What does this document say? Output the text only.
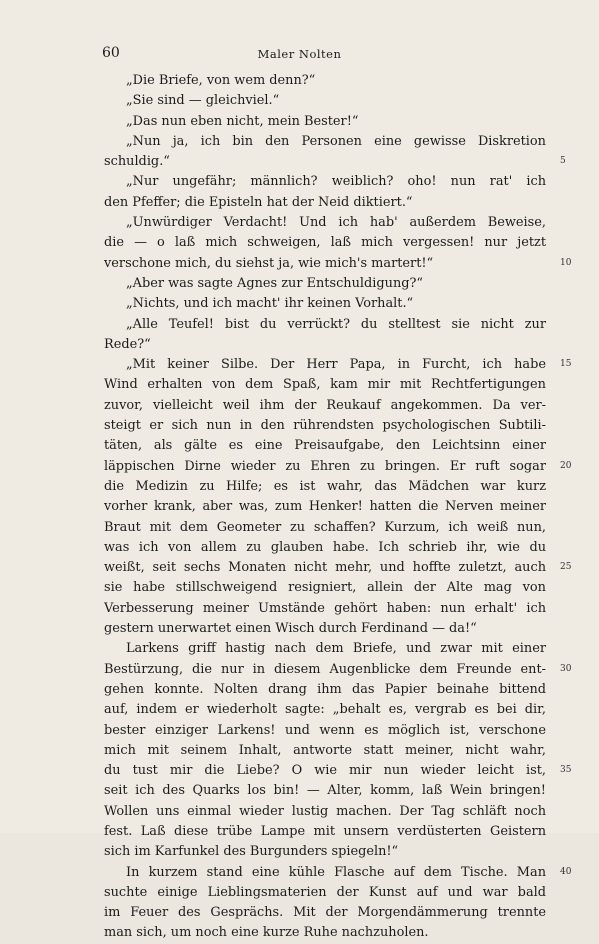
60	Maler Nolten
„Die Briefe, von wem denn?“
„Sie sind — gleichviel.“
„Das nun eben nicht, mein Bester!“
„Nun ja, ich bin den Personen eine gewisse Diskretion
schuldig.“
„Nur ungefähr; männlich? weiblich? oho! nun rat' ich
den Pfeffer; die Episteln hat der Neid diktiert.“
„Unwürdiger Verdacht! Und ich hab' außerdem Beweise,
die — o laß mich schweigen, laß mich vergessen! nur jetzt
verschone mich, du siehst ja, wie mich's martert!“
„Aber was sagte Agnes zur Entschuldigung?“
„Nichts, und ich macht' ihr keinen Vorhalt.“
„Alle Teufel! bist du verrückt? du stelltest sie nicht zur
Rede?“
„Mit keiner Silbe. Der Herr Papa, in Furcht, ich habe
Wind erhalten von dem Spaß, kam mir mit Rechtfertigungen
zuvor, vielleicht weil ihm der Reukauf angekommen. Da ver-
steigt er sich nun in den rührendsten psychologischen Subtili-
täten, als gälte es eine Preisaufgabe, den Leichtsinn einer
läppischen Dirne wieder zu Ehren zu bringen. Er ruft sogar
die Medizin zu Hilfe; es ist wahr, das Mädchen war kurz
vorher krank, aber was, zum Henker! hatten die Nerven meiner
Braut mit dem Geometer zu schaffen? Kurzum, ich weiß nun,
was ich von allem zu glauben habe. Ich schrieb ihr, wie du
weißt, seit sechs Monaten nicht mehr, und hoffte zuletzt, auch
sie habe stillschweigend resigniert, allein der Alte mag von
Verbesserung meiner Umstände gehört haben: nun erhalt' ich
gestern unerwartet einen Wisch durch Ferdinand — da!“
Larkens griff hastig nach dem Briefe, und zwar mit einer
Bestürzung, die nur in diesem Augenblicke dem Freunde ent-
gehen konnte. Nolten drang ihm das Papier beinahe bittend
auf, indem er wiederholt sagte: „behalt es, vergrab es bei dir,
bester einziger Larkens! und wenn es möglich ist, verschone
mich mit seinem Inhalt, antworte statt meiner, nicht wahr,
du tust mir die Liebe? O wie mir nun wieder leicht ist,
seit ich des Quarks los bin! — Alter, komm, laß Wein bringen!
Wollen uns einmal wieder lustig machen. Der Tag schläft noch
fest. Laß diese trübe Lampe mit unsern verdüsterten Geistern
sich im Karfunkel des Burgunders spiegeln!“
In kurzem stand eine kühle Flasche auf dem Tische. Man
suchte einige Lieblingsmaterien der Kunst auf und war bald
im Feuer des Gesprächs. Mit der Morgendämmerung trennte
man sich, um noch eine kurze Ruhe nachzuholen.
5
10
15
20
25
30
35
40
